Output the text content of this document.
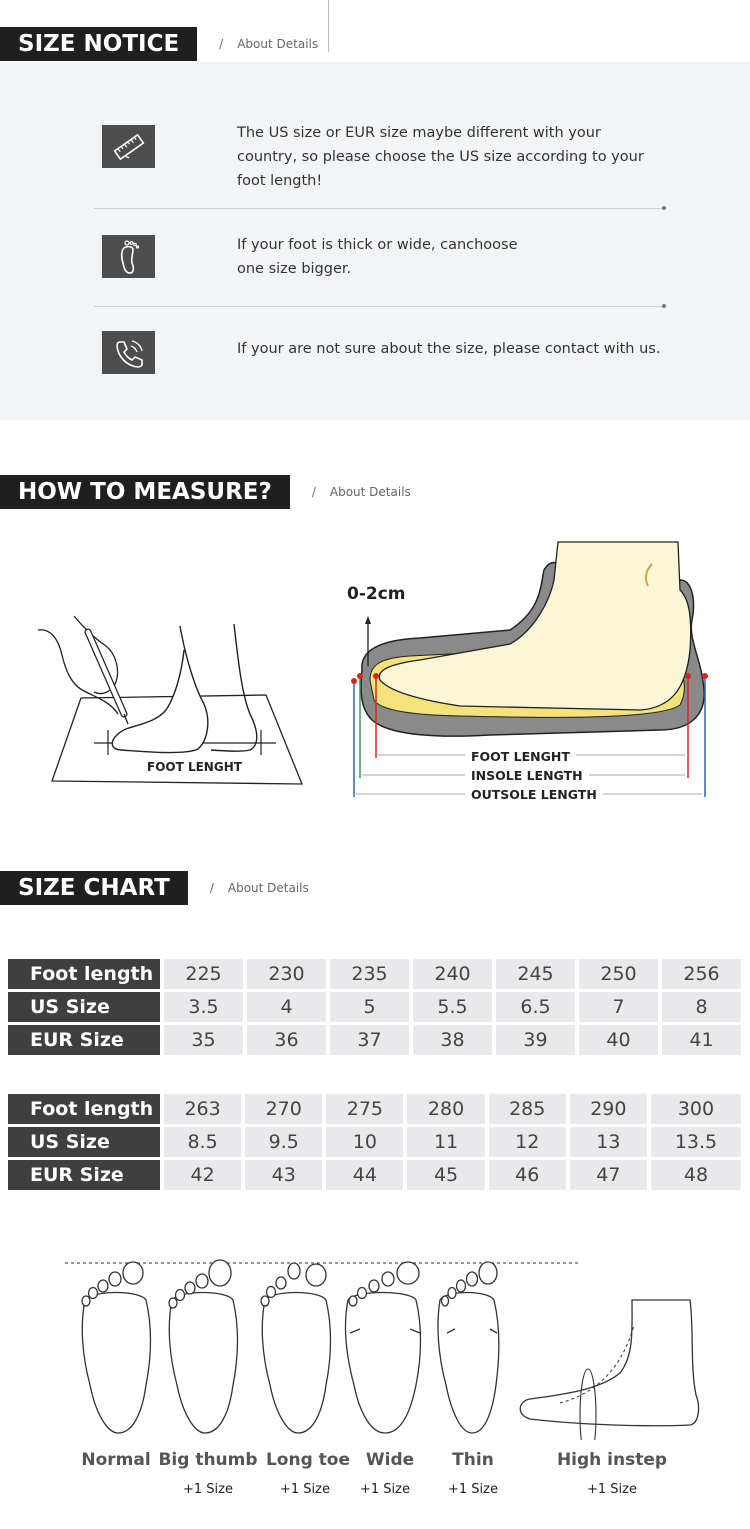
SIZE NOTICE	/ About Details
The US size or EUR size maybe different with your
country, so please choose the US size according to your
foot length!
If your foot is thick or wide, canchoose
one size bigger.
If your are not sure about the size, please contact with us.
HOW TO MEASURE?	/ About Details
FOOT LENGHT
0-2cm
FOOT LENGHT
INSOLE LENGTH
OUTSOLE LENGTH
SIZE CHART	/ About Details
Foot length	225	230	235	240	245	250	256
US Size	3.5	4	5	5.5	6.5	7	8
EUR Size	35	36	37	38	39	40	41
Foot length	263	270	275	280	285	290	300
US Size	8.5	9.5	10	11	12	13	13.5
EUR Size	42	43	44	45	46	47	48
Normal Big thumb Long toe Wide	Thin	High instep
+1 Size	+1 Size	+1 Size	+1 Size	+1 Size
